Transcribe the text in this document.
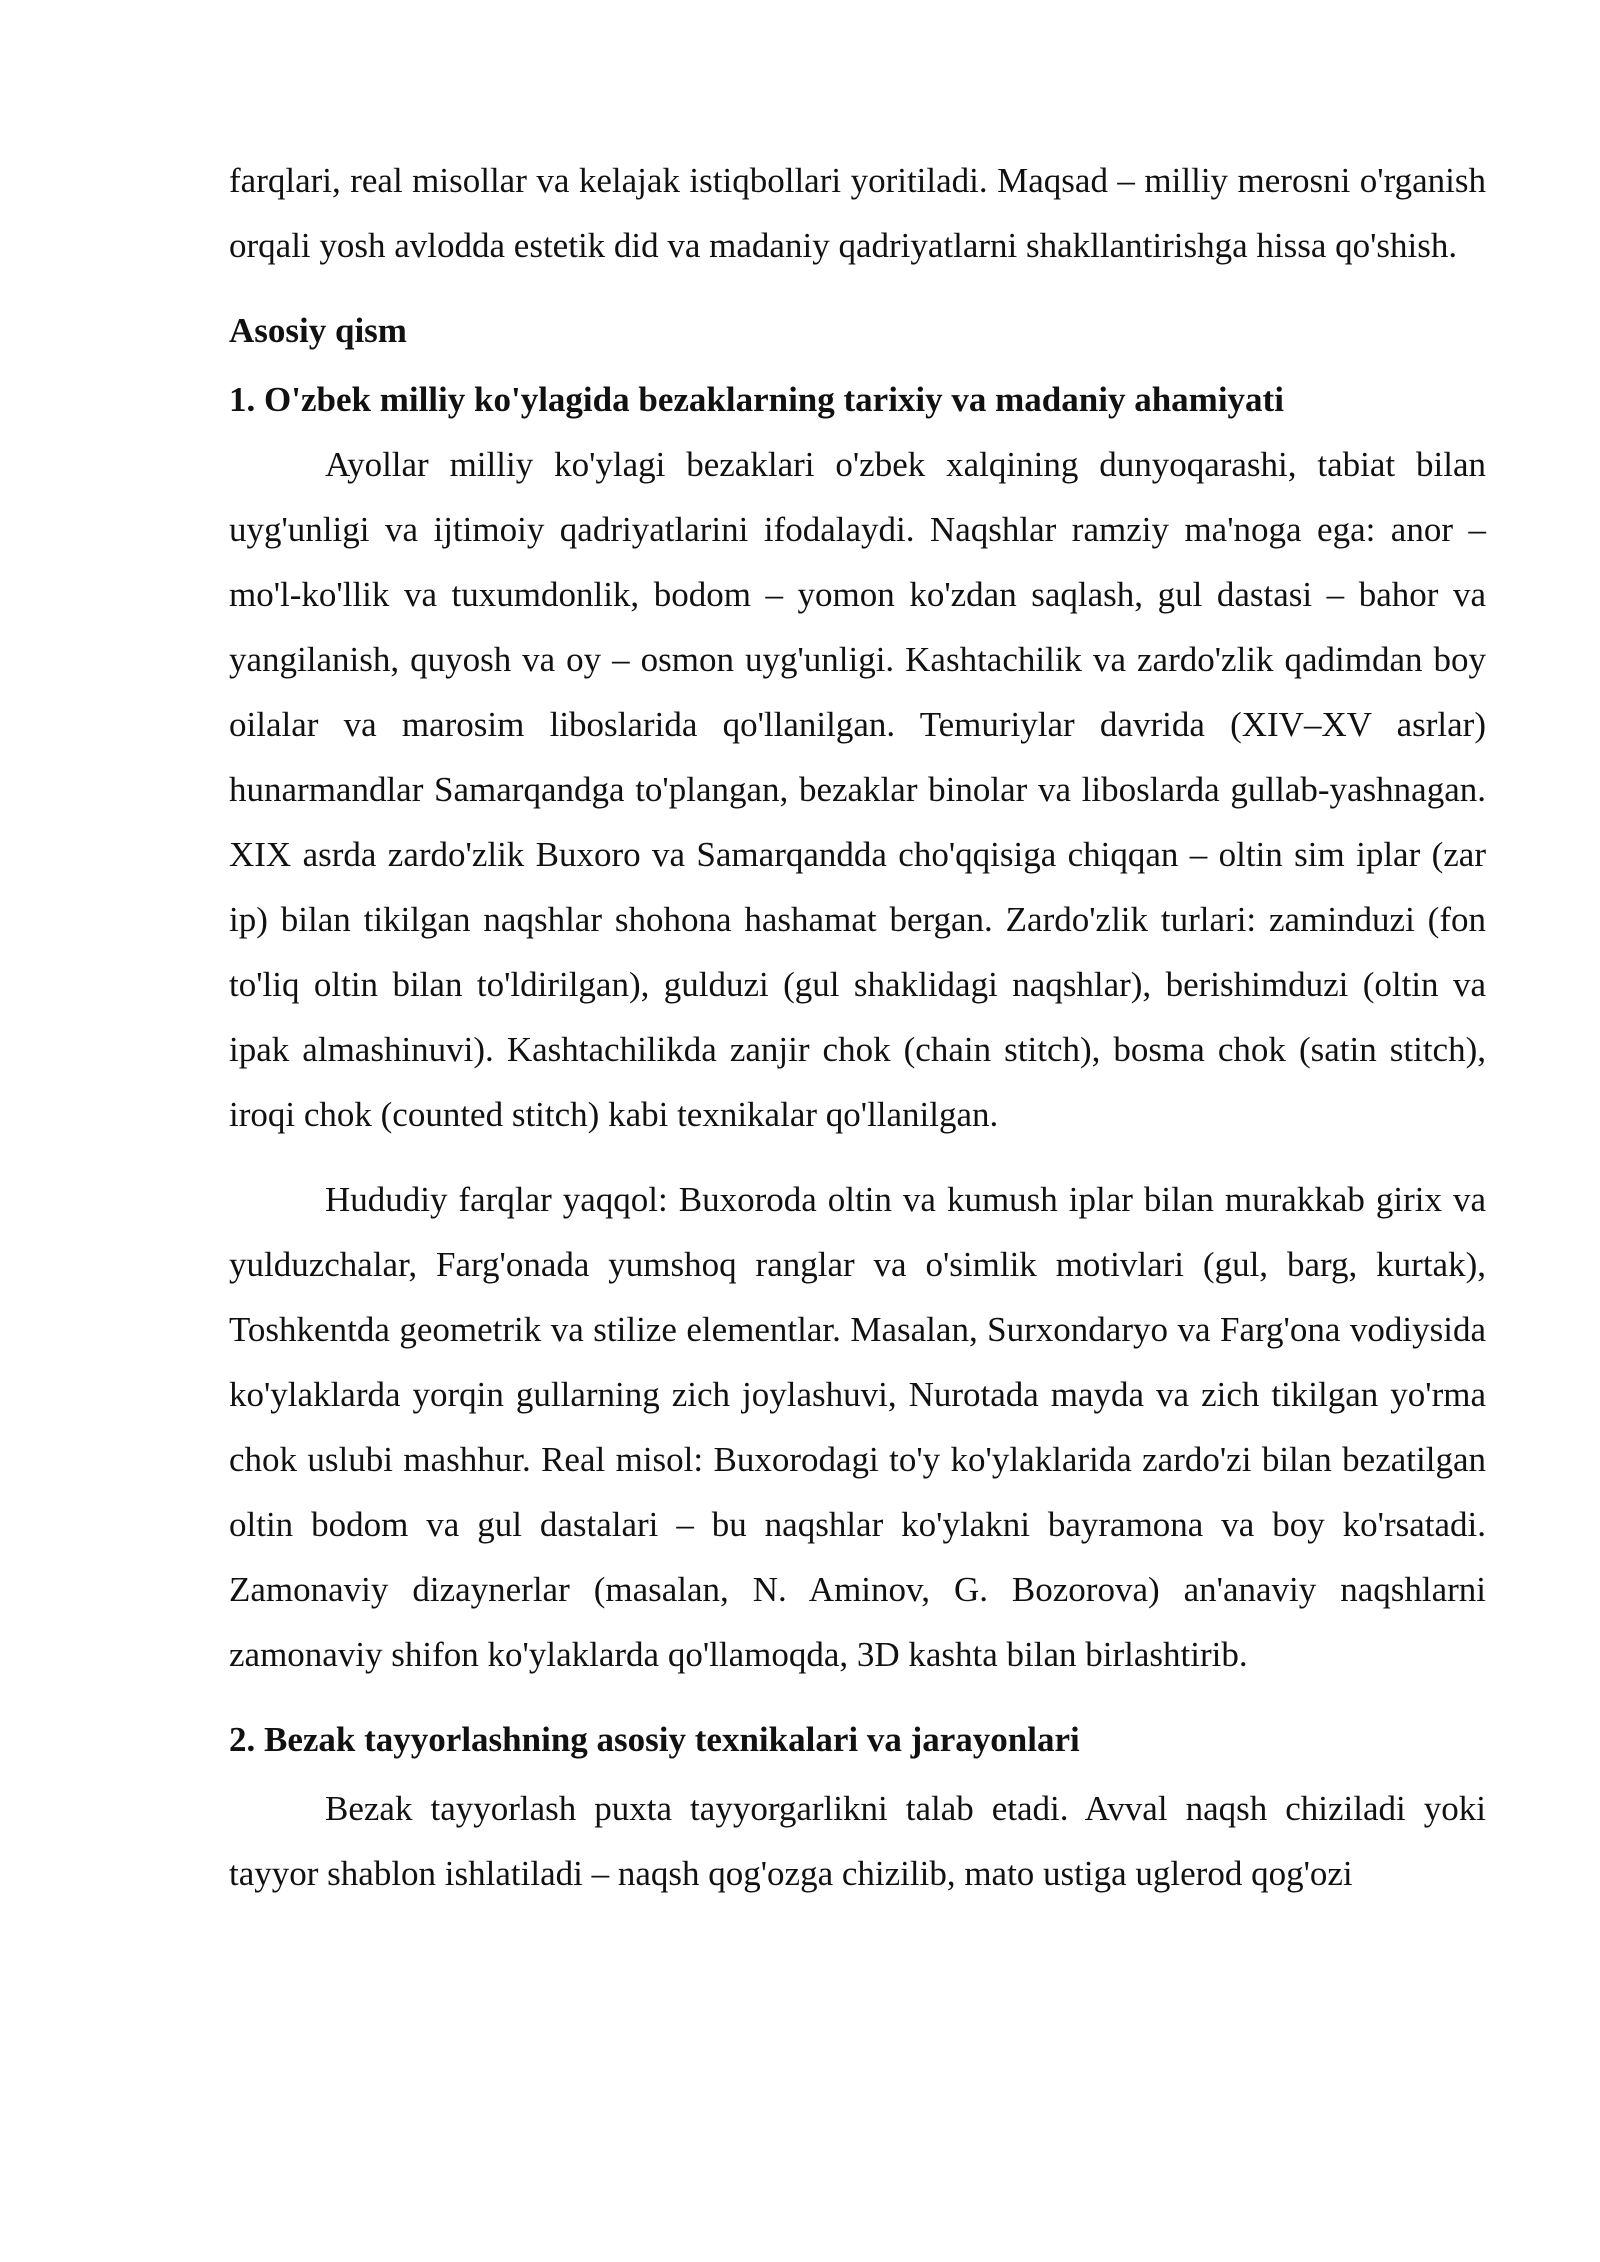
farqlari, real misollar va kelajak istiqbollari yoritiladi. Maqsad – milliy merosni o'rganish orqali yosh avlodda estetik did va madaniy qadriyatlarni shakllantirishga hissa qo'shish.

Asosiy qism

1. O'zbek milliy ko'ylagida bezaklarning tarixiy va madaniy ahamiyati

Ayollar milliy ko'ylagi bezaklari o'zbek xalqining dunyoqarashi, tabiat bilan uyg'unligi va ijtimoiy qadriyatlarini ifodalaydi. Naqshlar ramziy ma'noga ega: anor – mo'l-ko'llik va tuxumdonlik, bodom – yomon ko'zdan saqlash, gul dastasi – bahor va yangilanish, quyosh va oy – osmon uyg'unligi. Kashtachilik va zardo'zlik qadimdan boy oilalar va marosim liboslarida qo'llanilgan. Temuriylar davrida (XIV–XV asrlar) hunarmandlar Samarqandga to'plangan, bezaklar binolar va liboslarda gullab-yashnagan. XIX asrda zardo'zlik Buxoro va Samarqandda cho'qqisiga chiqqan – oltin sim iplar (zar ip) bilan tikilgan naqshlar shohona hashamat bergan. Zardo'zlik turlari: zaminduzi (fon to'liq oltin bilan to'ldirilgan), gulduzi (gul shaklidagi naqshlar), berishimduzi (oltin va ipak almashinuvi). Kashtachilikda zanjir chok (chain stitch), bosma chok (satin stitch), iroqi chok (counted stitch) kabi texnikalar qo'llanilgan.

Hududiy farqlar yaqqol: Buxoroda oltin va kumush iplar bilan murakkab girix va yulduzchalar, Farg'onada yumshoq ranglar va o'simlik motivlari (gul, barg, kurtak), Toshkentda geometrik va stilize elementlar. Masalan, Surxondaryo va Farg'ona vodiysida ko'ylaklarda yorqin gullarning zich joylashuvi, Nurotada mayda va zich tikilgan yo'rma chok uslubi mashhur. Real misol: Buxorodagi to'y ko'ylaklarida zardo'zi bilan bezatilgan oltin bodom va gul dastalari – bu naqshlar ko'ylakni bayramona va boy ko'rsatadi. Zamonaviy dizaynerlar (masalan, N. Aminov, G. Bozorova) an'anaviy naqshlarni zamonaviy shifon ko'ylaklarda qo'llamoqda, 3D kashta bilan birlashtirib.

2. Bezak tayyorlashning asosiy texnikalari va jarayonlari

Bezak tayyorlash puxta tayyorgarlikni talab etadi. Avval naqsh chiziladi yoki tayyor shablon ishlatiladi – naqsh qog'ozga chizilib, mato ustiga uglerod qog'ozi
